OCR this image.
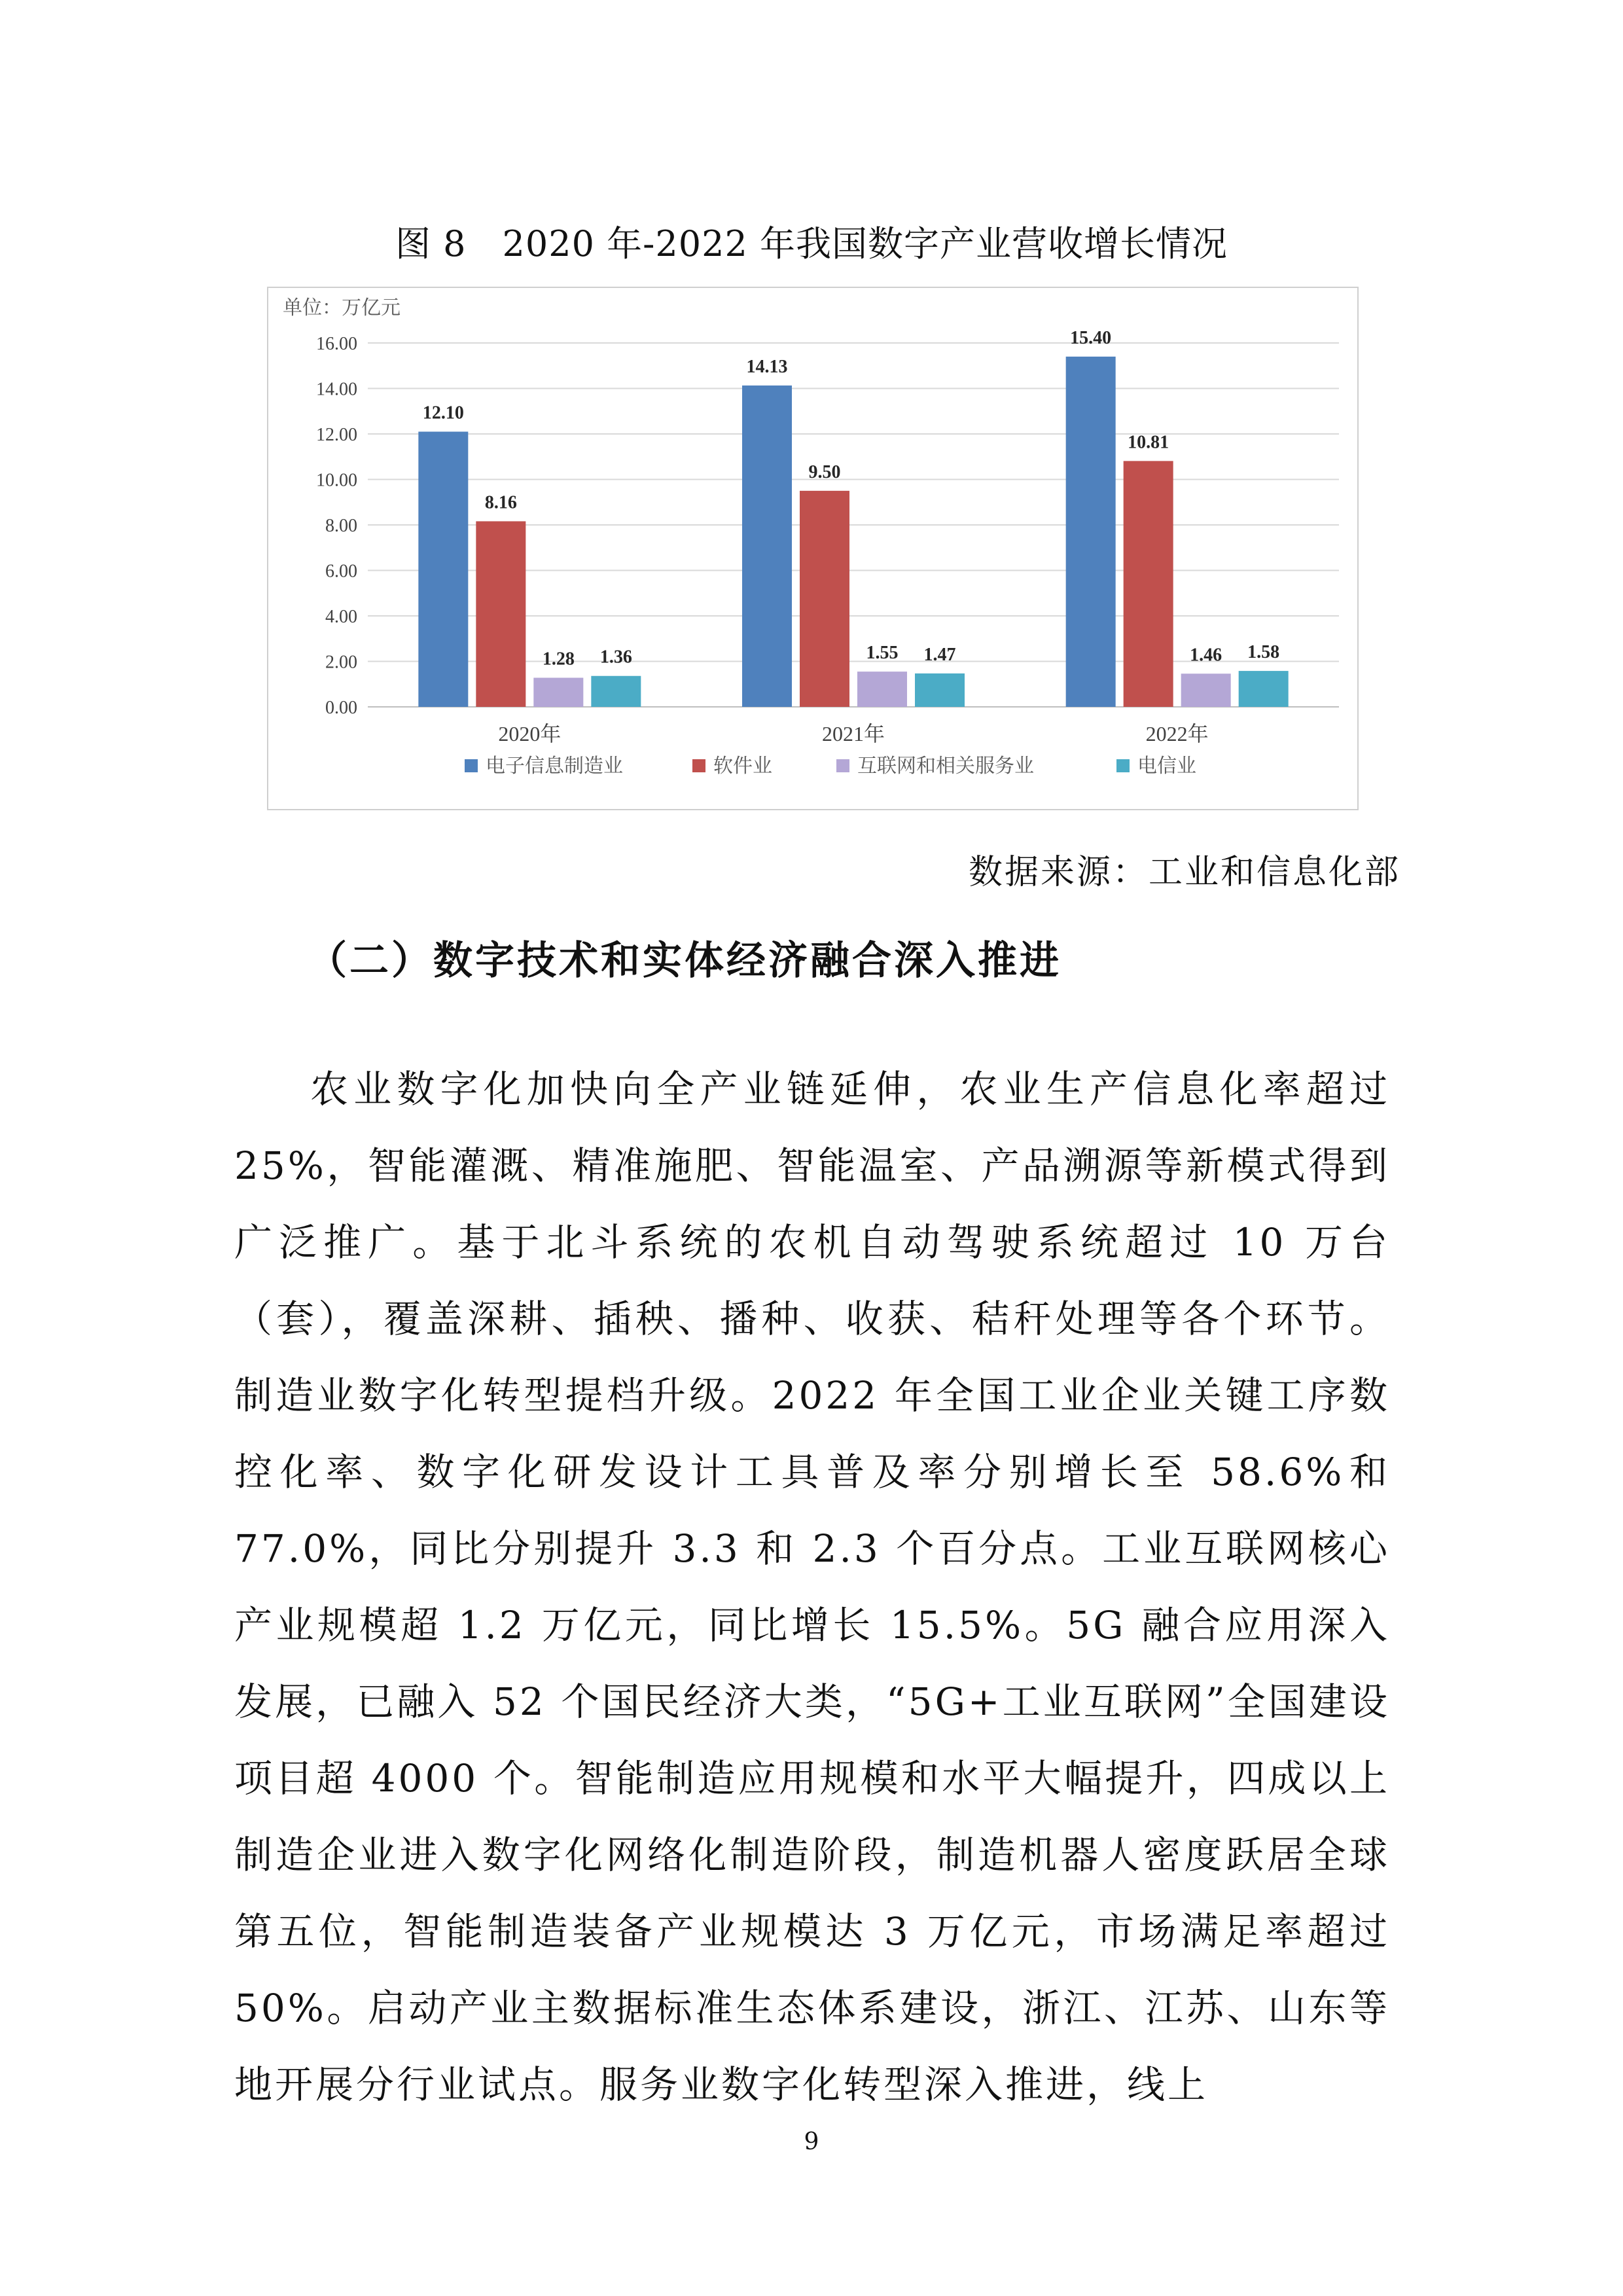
图 8　2020 年-2022 年我国数字产业营收增长情况
单位：万亿元
0.00
2.00
4.00
6.00
8.00
10.00
12.00
14.00
16.00
12.10
8.16
1.28 1.36
2020年
14.13
9.50
1.55 1.47
2021年
15.40
10.81
1.46 1.58
2022年
电子信息制造业	软件业	互联网和相关服务业	电信业
数据来源：工业和信息化部
（二）数字技术和实体经济融合深入推进

农业数字化加快向全产业链延伸，农业生产信息化率超过25%，智能灌溉、精准施肥、智能温室、产品溯源等新模式得到广泛推广。基于北斗系统的农机自动驾驶系统超过 10 万台（套），覆盖深耕、插秧、播种、收获、秸秆处理等各个环节。制造业数字化转型提档升级。2022 年全国工业企业关键工序数控化率、数字化研发设计工具普及率分别增长至 58.6%和77.0%，同比分别提升 3.3 和 2.3 个百分点。工业互联网核心产业规模超 1.2 万亿元，同比增长 15.5%。5G 融合应用深入发展，已融入 52 个国民经济大类，“5G+工业互联网”全国建设项目超 4000 个。智能制造应用规模和水平大幅提升，四成以上制造企业进入数字化网络化制造阶段，制造机器人密度跃居全球第五位，智能制造装备产业规模达 3 万亿元，市场满足率超过 50%。启动产业主数据标准生态体系建设，浙江、江苏、山东等地开展分行业试点。服务业数字化转型深入推进，线上

9
